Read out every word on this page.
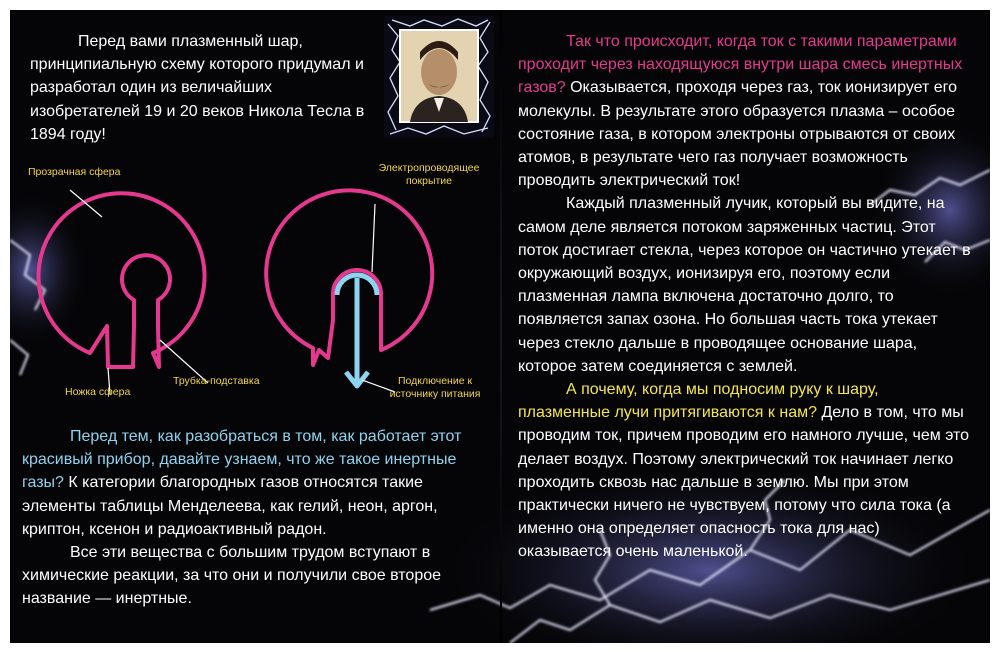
Перед вами плазменный шар, принципиальную схему которого придумал и разработал один из величайших изобретателей 19 и 20 веков Никола Тесла в 1894 году!

Прозрачная сфера	Электропроводящее покрытие
Ножка сфера
Трубка-подставка	Подключение к источнику питания

Перед тем, как разобраться в том, как работает этот красивый прибор, давайте узнаем, что же такое инертные газы? К категории благородных газов относятся такие элементы таблицы Менделеева, как гелий, неон, аргон, криптон, ксенон и радиоактивный радон.

Все эти вещества с большим трудом вступают в химические реакции, за что они и получили свое второе название — инертные.

Так что происходит, когда ток с такими параметрами проходит через находящуюся внутри шара смесь инертных газов? Оказывается, проходя через газ, ток ионизирует его молекулы. В результате этого образуется плазма – особое состояние газа, в котором электроны отрываются от своих атомов, в результате чего газ получает возможность проводить электрический ток!

Каждый плазменный лучик, который вы видите, на самом деле является потоком заряженных частиц. Этот поток достигает стекла, через которое он частично утекает в окружающий воздух, ионизируя его, поэтому если плазменная лампа включена достаточно долго, то появляется запах озона. Но большая часть тока утекает через стекло дальше в проводящее основание шара, которое затем соединяется с землей.

А почему, когда мы подносим руку к шару, плазменные лучи притягиваются к нам? Дело в том, что мы проводим ток, причем проводим его намного лучше, чем это делает воздух. Поэтому электрический ток начинает легко проходить сквозь нас дальше в землю. Мы при этом практически ничего не чувствуем, потому что сила тока (а именно она определяет опасность тока для нас) оказывается очень маленькой.
